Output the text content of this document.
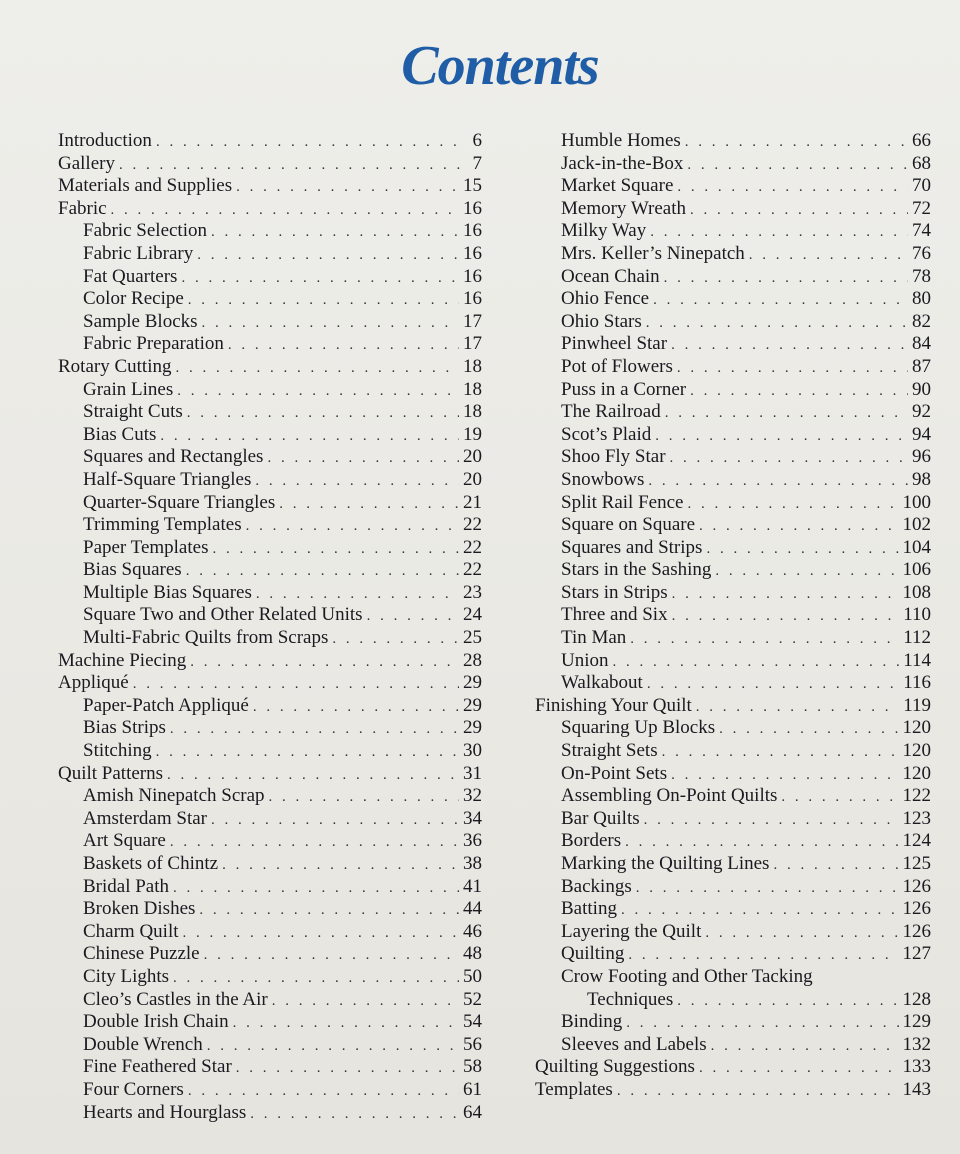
Contents
Introduction . . .	6
Gallery . . .	7
Materials and Supplies . . .	15
Fabric . . .	16
Fabric Selection . . .	16
Fabric Library . . .	16
Fat Quarters . . .	16
Color Recipe . . .	16
Sample Blocks . . .	17
Fabric Preparation . . .	17
Rotary Cutting . . .	18
Grain Lines . . .	18
Straight Cuts . . .	18
Bias Cuts . . .	19
Squares and Rectangles . . .	20
Half-Square Triangles . . .	20
Quarter-Square Triangles . . .	21
Trimming Templates . . .	22
Paper Templates . . .	22
Bias Squares . . .	22
Multiple Bias Squares . . .	23
Square Two and Other Related Units . . .	24
Multi-Fabric Quilts from Scraps . . .	25
Machine Piecing . . .	28
Appliqué . . .	29
Paper-Patch Appliqué . . .	29
Bias Strips . . .	29
Stitching . . .	30
Quilt Patterns . . .	31
Amish Ninepatch Scrap . . .	32
Amsterdam Star . . .	34
Art Square . . .	36
Baskets of Chintz . . .	38
Bridal Path . . .	41
Broken Dishes . . .	44
Charm Quilt . . .	46
Chinese Puzzle . . .	48
City Lights . . .	50
Cleo’s Castles in the Air . . .	52
Double Irish Chain . . .	54
Double Wrench . . .	56
Fine Feathered Star . . .	58
Four Corners . . .	61
Hearts and Hourglass . . .	64
Humble Homes . . .	66
Jack-in-the-Box . . .	68
Market Square . . .	70
Memory Wreath . . .	72
Milky Way . . .	74
Mrs. Keller’s Ninepatch . . .	76
Ocean Chain . . .	78
Ohio Fence . . .	80
Ohio Stars . . .	82
Pinwheel Star . . .	84
Pot of Flowers . . .	87
Puss in a Corner . . .	90
The Railroad . . .	92
Scot’s Plaid . . .	94
Shoo Fly Star . . .	96
Snowbows . . .	98
Split Rail Fence . . .	100
Square on Square . . .	102
Squares and Strips . . .	104
Stars in the Sashing . . .	106
Stars in Strips . . .	108
Three and Six . . .	110
Tin Man . . .	112
Union . . .	114
Walkabout . . .	116
Finishing Your Quilt . . .	119
Squaring Up Blocks . . .	120
Straight Sets . . .	120
On-Point Sets . . .	120
Assembling On-Point Quilts . . .	122
Bar Quilts . . .	123
Borders . . .	124
Marking the Quilting Lines . . .	125
Backings . . .	126
Batting . . .	126
Layering the Quilt . . .	126
Quilting . . .	127
Crow Footing and Other Tacking
Techniques . . .	128
Binding . . .	129
Sleeves and Labels . . .	132
Quilting Suggestions . . .	133
Templates . . .	143
